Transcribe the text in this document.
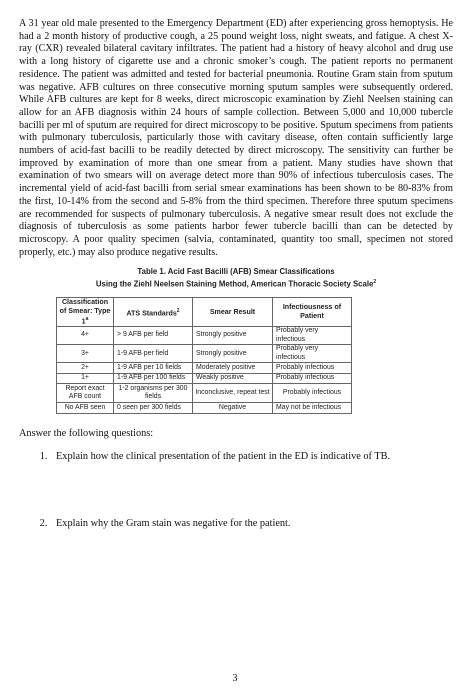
A 31 year old male presented to the Emergency Department (ED) after experiencing gross hemoptysis. He had a 2 month history of productive cough, a 25 pound weight loss, night sweats, and fatigue. A chest X-ray (CXR) revealed bilateral cavitary infiltrates. The patient had a history of heavy alcohol and drug use with a long history of cigarette use and a chronic smoker’s cough. The patient reports no permanent residence. The patient was admitted and tested for bacterial pneumonia. Routine Gram stain from sputum was negative. AFB cultures on three consecutive morning sputum samples were subsequently ordered. While AFB cultures are kept for 8 weeks, direct microscopic examination by Ziehl Neelsen staining can allow for an AFB diagnosis within 24 hours of sample collection. Between 5,000 and 10,000 tubercle bacilli per ml of sputum are required for direct microscopy to be positive. Sputum specimens from patients with pulmonary tuberculosis, particularly those with cavitary disease, often contain sufficiently large numbers of acid-fast bacilli to be readily detected by direct microscopy. The sensitivity can further be improved by examination of more than one smear from a patient. Many studies have shown that examination of two smears will on average detect more than 90% of infectious tuberculosis cases. The incremental yield of acid-fast bacilli from serial smear examinations has been shown to be 80-83% from the first, 10-14% from the second and 5-8% from the third specimen. Therefore three sputum specimens are recommended for suspects of pulmonary tuberculosis. A negative smear result does not exclude the diagnosis of tuberculosis as some patients harbor fewer tubercle bacilli than can be detected by microscopy. A poor quality specimen (salvia, contaminated, quantity too small, specimen not stored properly, etc.) may also produce negative results.

Table 1. Acid Fast Bacilli (AFB) Smear Classifications

Using the Ziehl Neelsen Staining Method, American Thoracic Society Scale$^2$

Classification of Smear: Type 1$^a$	ATS Standards$^2$	Smear Result	Infectiousness of Patient
4+	> 9 AFB per field	Strongly positive	Probably very infectious
3+	1-9 AFB per field	Strongly positive	Probably very infectious
2+	1-9 AFB per 10 fields	Moderately positive	Probably infectious
1+	1-9 AFB per 100 fields	Weakly positive	Probably infectious
Report exact AFB count	1-2 organisms per 300 fields	Inconclusive, repeat test	Probably infectious
No AFB seen	0 seen per 300 fields	Negative	May not be infectious

Answer the following questions:

1. Explain how the clinical presentation of the patient in the ED is indicative of TB.
2. Explain why the Gram stain was negative for the patient.
3
